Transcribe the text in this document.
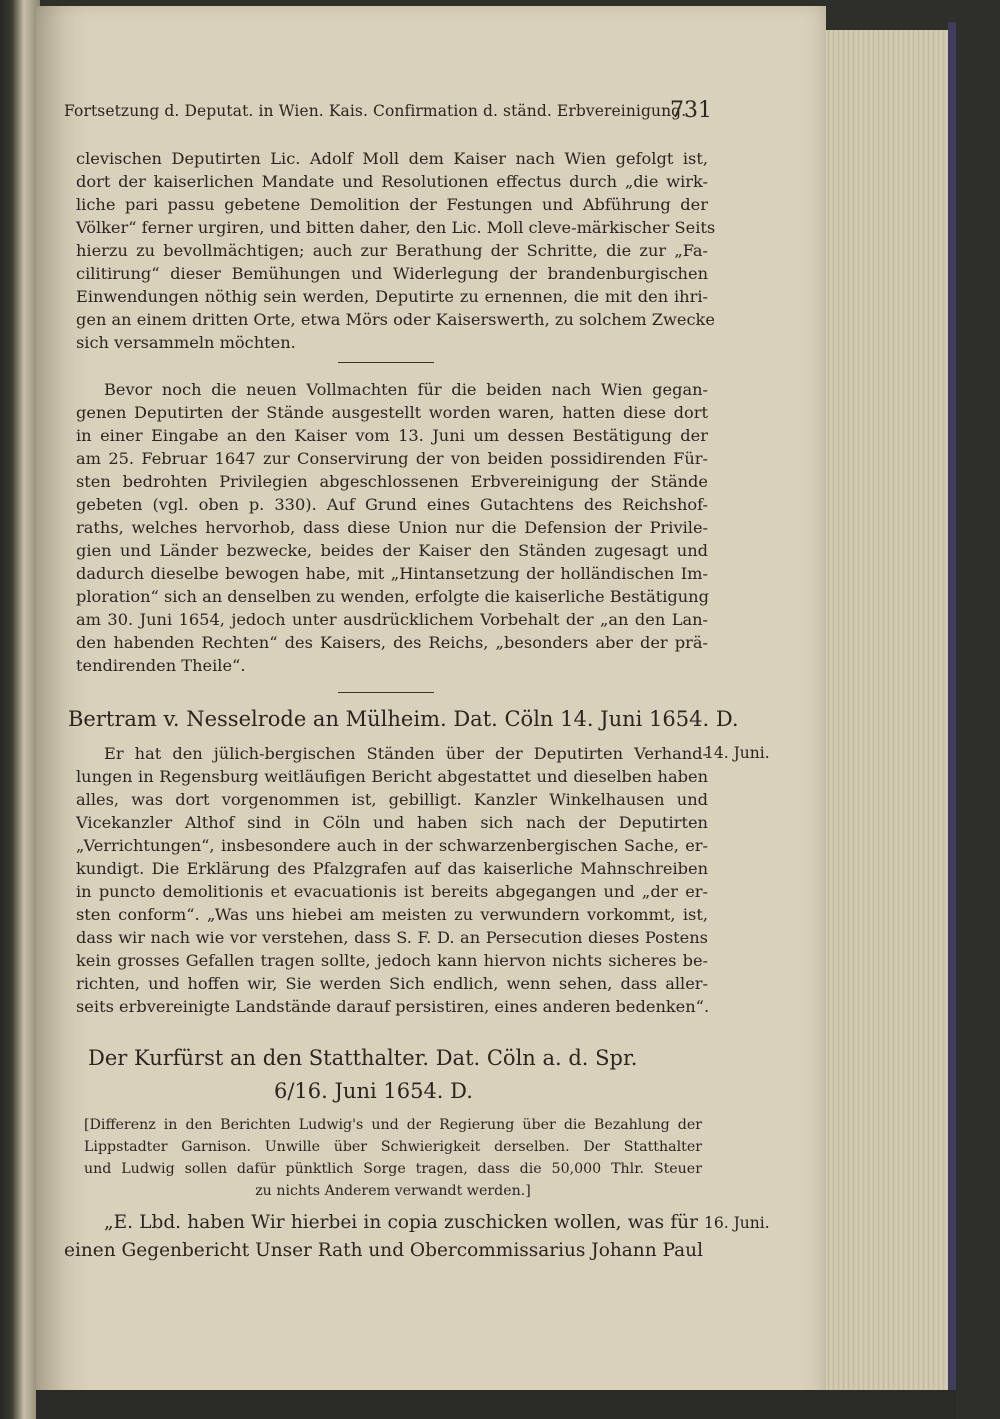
Fortsetzung d. Deputat. in Wien. Kais. Confirmation d. ständ. Erbvereinigung.
731
clevischen Deputirten Lic. Adolf Moll dem Kaiser nach Wien gefolgt ist,
dort der kaiserlichen Mandate und Resolutionen effectus durch „die wirk-
liche pari passu gebetene Demolition der Festungen und Abführung der
Völker“ ferner urgiren, und bitten daher, den Lic. Moll cleve-märkischer Seits
hierzu zu bevollmächtigen; auch zur Berathung der Schritte, die zur „Fa-
cilitirung“ dieser Bemühungen und Widerlegung der brandenburgischen
Einwendungen nöthig sein werden, Deputirte zu ernennen, die mit den ihri-
gen an einem dritten Orte, etwa Mörs oder Kaiserswerth, zu solchem Zwecke
sich versammeln möchten.
Bevor noch die neuen Vollmachten für die beiden nach Wien gegan-
genen Deputirten der Stände ausgestellt worden waren, hatten diese dort
in einer Eingabe an den Kaiser vom 13. Juni um dessen Bestätigung der
am 25. Februar 1647 zur Conservirung der von beiden possidirenden Für-
sten bedrohten Privilegien abgeschlossenen Erbvereinigung der Stände
gebeten (vgl. oben p. 330). Auf Grund eines Gutachtens des Reichshof-
raths, welches hervorhob, dass diese Union nur die Defension der Privile-
gien und Länder bezwecke, beides der Kaiser den Ständen zugesagt und
dadurch dieselbe bewogen habe, mit „Hintansetzung der holländischen Im-
ploration“ sich an denselben zu wenden, erfolgte die kaiserliche Bestätigung
am 30. Juni 1654, jedoch unter ausdrücklichem Vorbehalt der „an den Lan-
den habenden Rechten“ des Kaisers, des Reichs, „besonders aber der prä-
tendirenden Theile“.
Bertram v. Nesselrode an Mülheim. Dat. Cöln 14. Juni 1654. D.
14. Juni.
Er hat den jülich-bergischen Ständen über der Deputirten Verhand-
lungen in Regensburg weitläufigen Bericht abgestattet und dieselben haben
alles, was dort vorgenommen ist, gebilligt. Kanzler Winkelhausen und
Vicekanzler Althof sind in Cöln und haben sich nach der Deputirten
„Verrichtungen“, insbesondere auch in der schwarzenbergischen Sache, er-
kundigt. Die Erklärung des Pfalzgrafen auf das kaiserliche Mahnschreiben
in puncto demolitionis et evacuationis ist bereits abgegangen und „der er-
sten conform“. „Was uns hiebei am meisten zu verwundern vorkommt, ist,
dass wir nach wie vor verstehen, dass S. F. D. an Persecution dieses Postens
kein grosses Gefallen tragen sollte, jedoch kann hiervon nichts sicheres be-
richten, und hoffen wir, Sie werden Sich endlich, wenn sehen, dass aller-
seits erbvereinigte Landstände darauf persistiren, eines anderen bedenken“.
Der Kurfürst an den Statthalter. Dat. Cöln a. d. Spr.
6/16. Juni 1654. D.
[Differenz in den Berichten Ludwig's und der Regierung über die Bezahlung der
Lippstadter Garnison. Unwille über Schwierigkeit derselben. Der Statthalter
und Ludwig sollen dafür pünktlich Sorge tragen, dass die 50,000 Thlr. Steuer
zu nichts Anderem verwandt werden.]
16. Juni.
„E. Lbd. haben Wir hierbei in copia zuschicken wollen, was für
einen Gegenbericht Unser Rath und Obercommissarius Johann Paul
